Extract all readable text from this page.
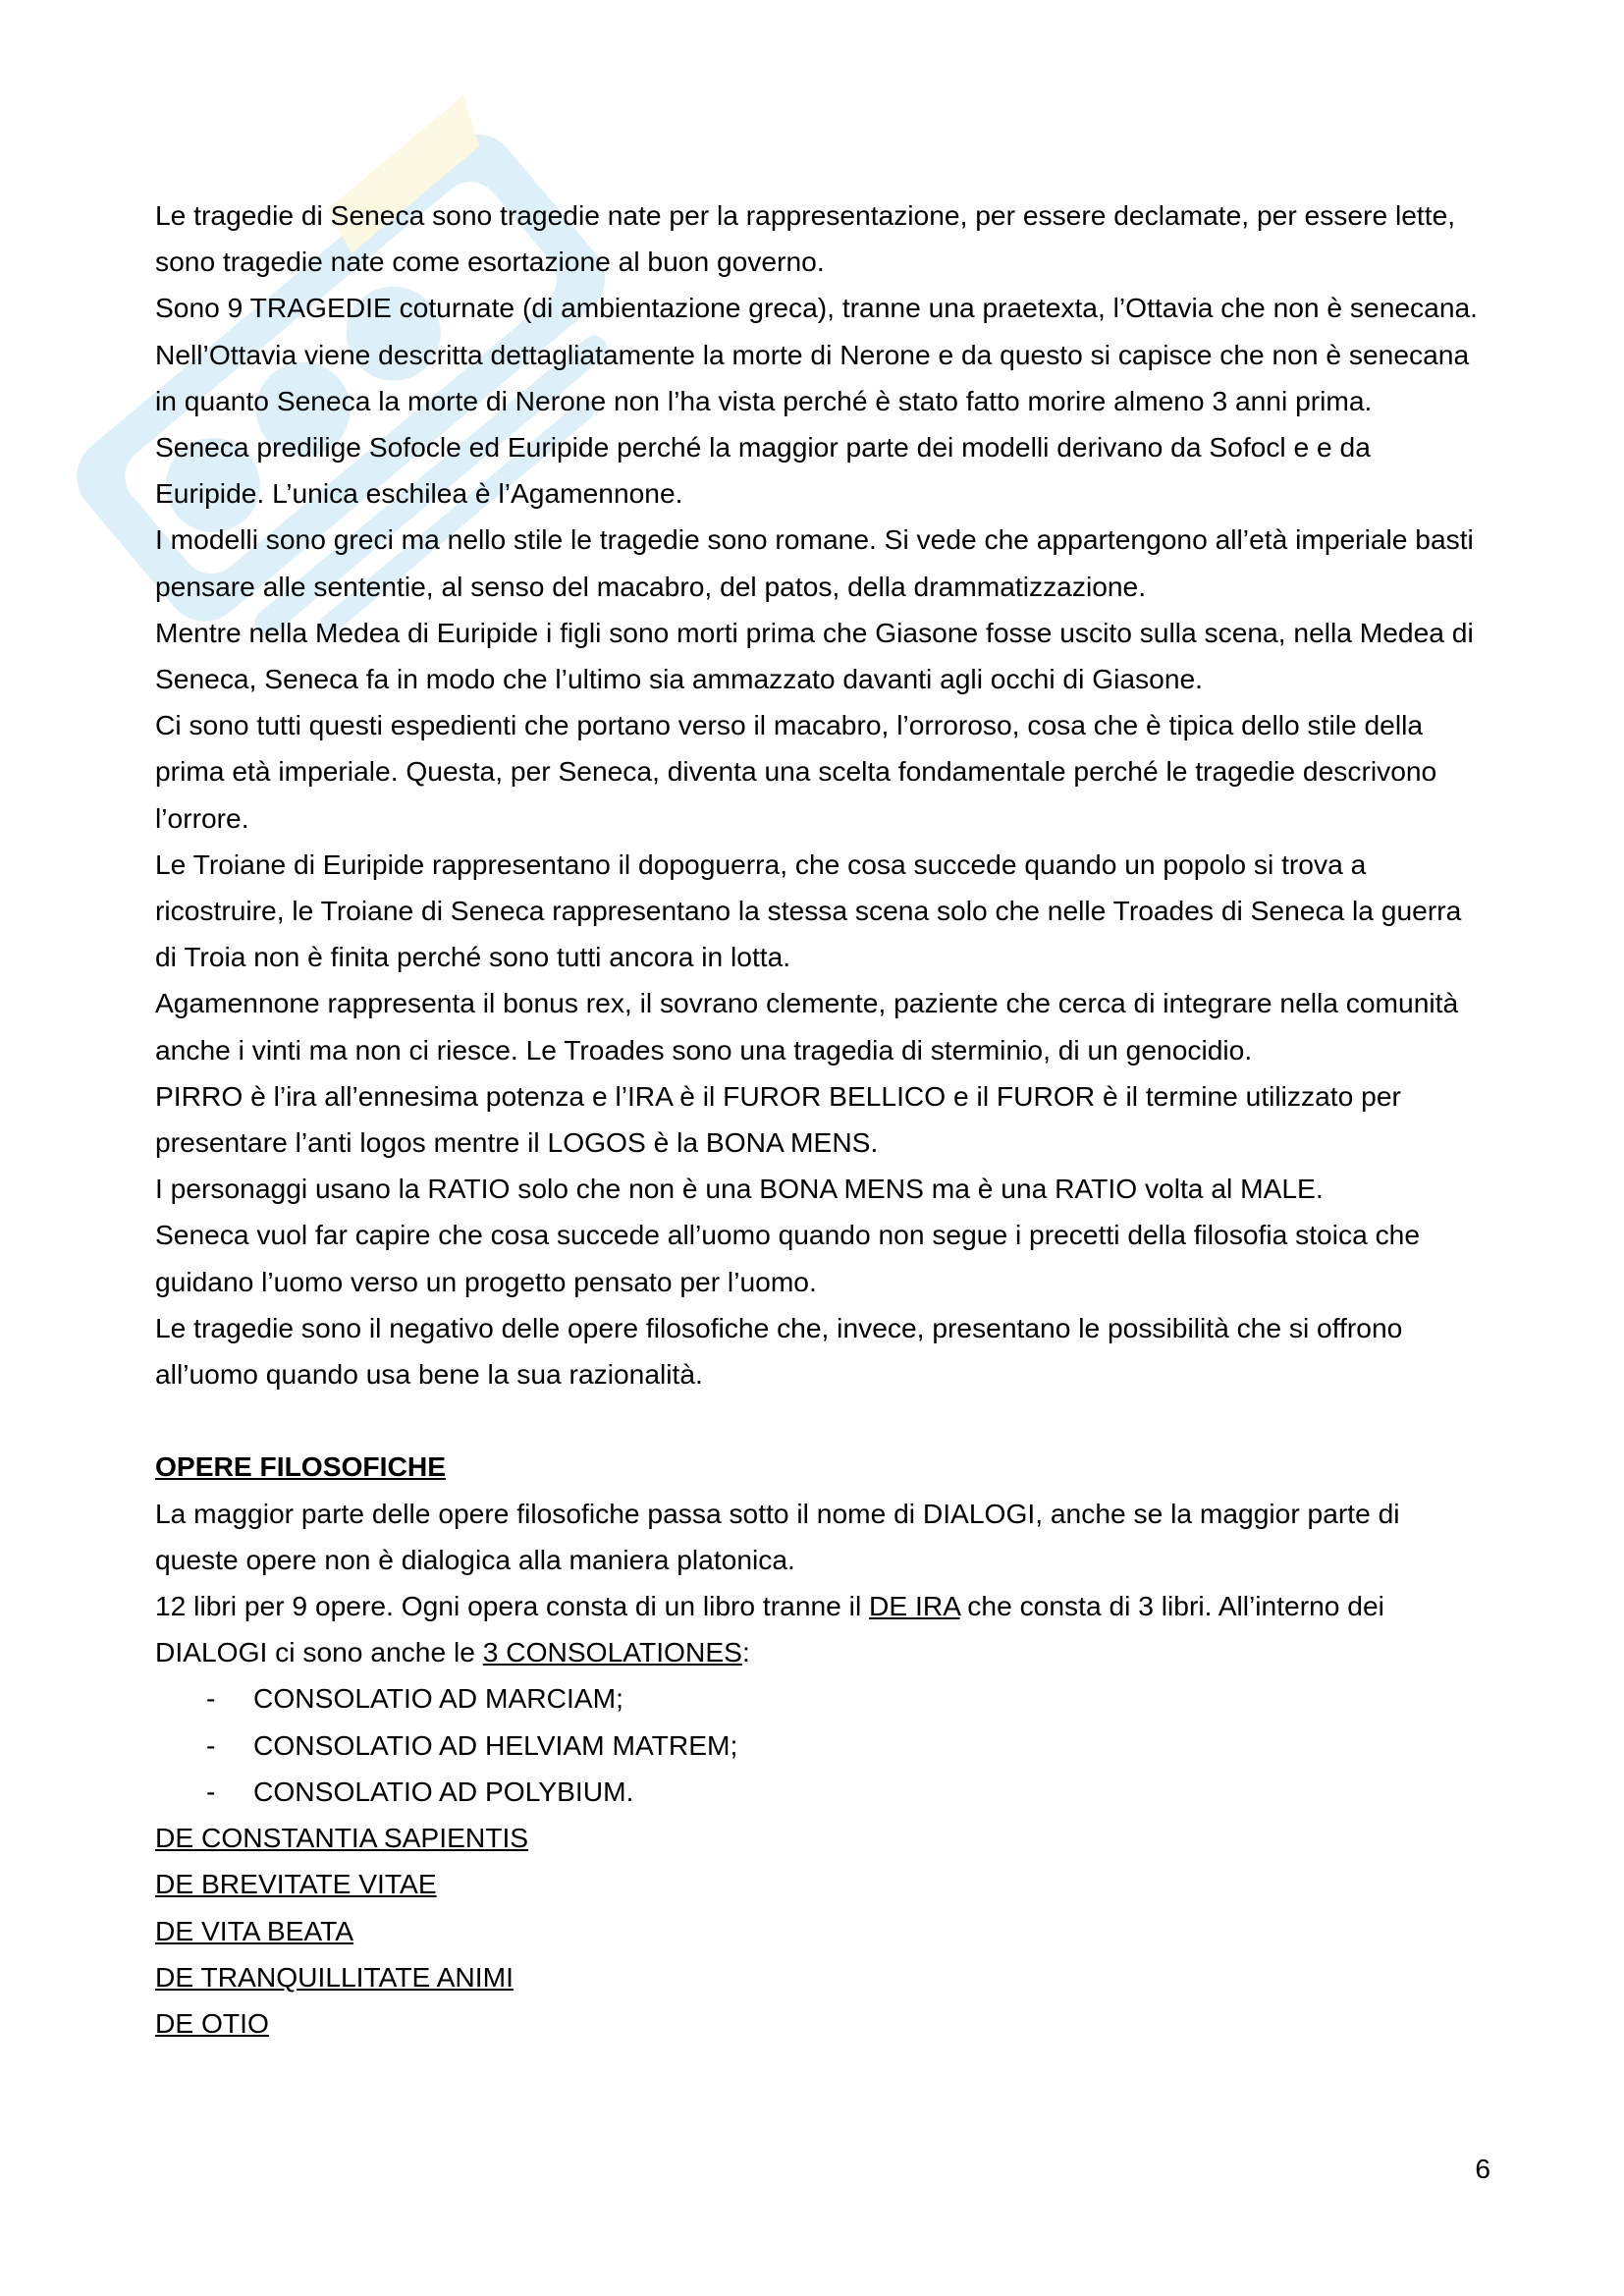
Le tragedie di Seneca sono tragedie nate per la rappresentazione, per essere declamate, per essere lette, sono tragedie nate come esortazione al buon governo.

Sono 9 TRAGEDIE coturnate (di ambientazione greca), tranne una praetexta, l’Ottavia che non è senecana. Nell’Ottavia viene descritta dettagliatamente la morte di Nerone e da questo si capisce che non è senecana in quanto Seneca la morte di Nerone non l’ha vista perché è stato fatto morire almeno 3 anni prima.

Seneca predilige Sofocle ed Euripide perché la maggior parte dei modelli derivano da Sofocl e e da Euripide. L’unica eschilea è l’Agamennone.

I modelli sono greci ma nello stile le tragedie sono romane. Si vede che appartengono all’età imperiale basti pensare alle sententie, al senso del macabro, del patos, della drammatizzazione.

Mentre nella Medea di Euripide i figli sono morti prima che Giasone fosse uscito sulla scena, nella Medea di Seneca, Seneca fa in modo che l’ultimo sia ammazzato davanti agli occhi di Giasone.

Ci sono tutti questi espedienti che portano verso il macabro, l’orroroso, cosa che è tipica dello stile della prima età imperiale. Questa, per Seneca, diventa una scelta fondamentale perché le tragedie descrivono l’orrore.

Le Troiane di Euripide rappresentano il dopoguerra, che cosa succede quando un popolo si trova a ricostruire, le Troiane di Seneca rappresentano la stessa scena solo che nelle Troades di Seneca la guerra di Troia non è finita perché sono tutti ancora in lotta.

Agamennone rappresenta il bonus rex, il sovrano clemente, paziente che cerca di integrare nella comunità anche i vinti ma non ci riesce. Le Troades sono una tragedia di sterminio, di un genocidio.

PIRRO è l’ira all’ennesima potenza e l’IRA è il FUROR BELLICO e il FUROR è il termine utilizzato per presentare l’anti logos mentre il LOGOS è la BONA MENS.

I personaggi usano la RATIO solo che non è una BONA MENS ma è una RATIO volta al MALE.

Seneca vuol far capire che cosa succede all’uomo quando non segue i precetti della filosofia stoica che guidano l’uomo verso un progetto pensato per l’uomo.

Le tragedie sono il negativo delle opere filosofiche che, invece, presentano le possibilità che si offrono all’uomo quando usa bene la sua razionalità.

OPERE FILOSOFICHE

La maggior parte delle opere filosofiche passa sotto il nome di DIALOGI, anche se la maggior parte di queste opere non è dialogica alla maniera platonica.

12 libri per 9 opere. Ogni opera consta di un libro tranne il DE IRA che consta di 3 libri. All’interno dei DIALOGI ci sono anche le 3 CONSOLATIONES:

- CONSOLATIO AD MARCIAM;
- CONSOLATIO AD HELVIAM MATREM;
- CONSOLATIO AD POLYBIUM.

DE CONSTANTIA SAPIENTIS

DE BREVITATE VITAE

DE VITA BEATA

DE TRANQUILLITATE ANIMI

DE OTIO

6
